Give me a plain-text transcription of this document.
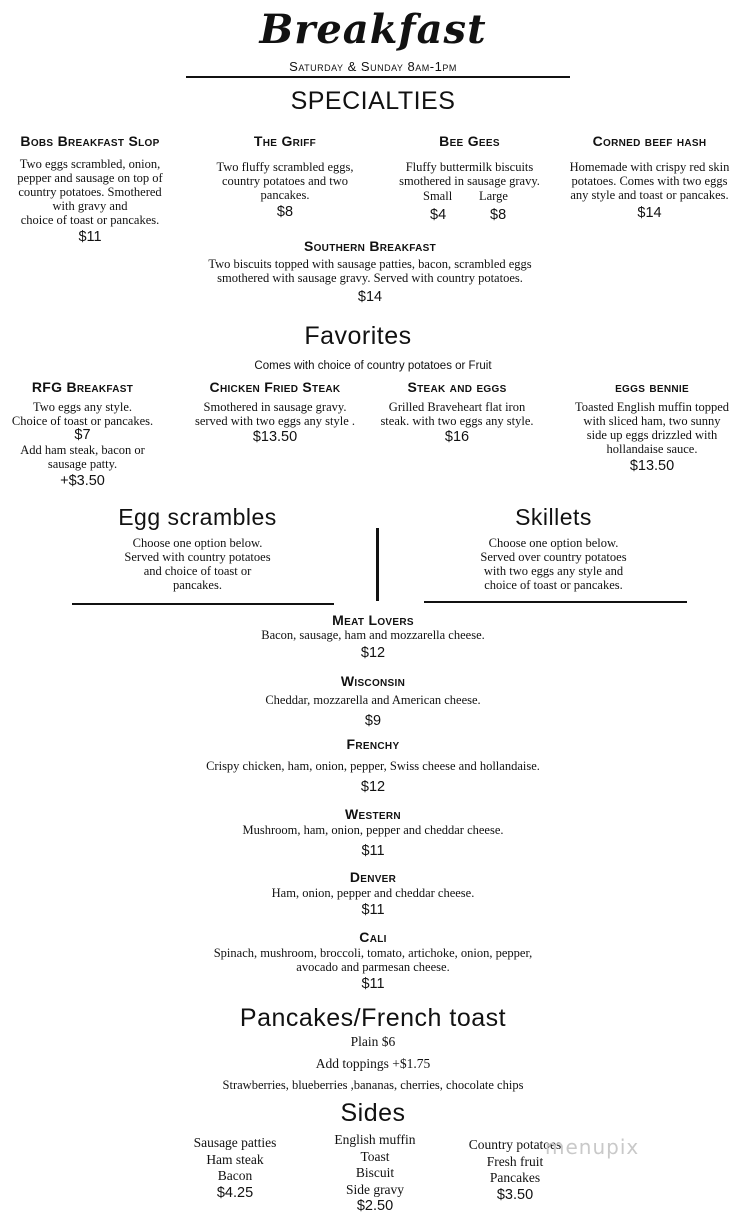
Breakfast
Saturday & Sunday 8am-1pm
SPECIALTIES
Bobs Breakfast Slop
Two eggs scrambled, onion,
pepper and sausage on top of
country potatoes. Smothered
with gravy and
choice of toast or pancakes.
$11
The Griff
Two fluffy scrambled eggs,
country potatoes and two
pancakes.
$8
Bee Gees
Fluffy buttermilk biscuits
smothered in sausage gravy.
Small Large
$4	$8
Corned beef hash
Homemade with crispy red skin
potatoes. Comes with two eggs
any style and toast or pancakes.
$14
Southern Breakfast
Two biscuits topped with sausage patties, bacon, scrambled eggs
smothered with sausage gravy. Served with country potatoes.
$14
Favorites
Comes with choice of country potatoes or Fruit
RFG Breakfast
Two eggs any style.
Choice of toast or pancakes.
$7
Add ham steak, bacon or
sausage patty.
+$3.50
Chicken Fried Steak
Smothered in sausage gravy.
served with two eggs any style .
$13.50
Steak and eggs
Grilled Braveheart flat iron
steak. with two eggs any style.
$16
eggs bennie
Toasted English muffin topped
with sliced ham, two sunny
side up eggs drizzled with
hollandaise sauce.
$13.50
Egg scrambles
Choose one option below.
Served with country potatoes
and choice of toast or
pancakes.
Skillets
Choose one option below.
Served over country potatoes
with two eggs any style and
choice of toast or pancakes.
Meat Lovers
Bacon, sausage, ham and mozzarella cheese.
$12
Wisconsin
Cheddar, mozzarella and American cheese.
$9
Frenchy
Crispy chicken, ham, onion, pepper, Swiss cheese and hollandaise.
$12
Western
Mushroom, ham, onion, pepper and cheddar cheese.
$11
Denver
Ham, onion, pepper and cheddar cheese.
$11
Cali
Spinach, mushroom, broccoli, tomato, artichoke, onion, pepper,
avocado and parmesan cheese.
$11
Pancakes/French toast
Plain $6
Add toppings +$1.75
Strawberries, blueberries ,bananas, cherries, chocolate chips
Sides
Sausage patties
Ham steak
Bacon
$4.25
English muffin
Toast
Biscuit
Side gravy
$2.50
Country potatoes
Fresh fruit
Pancakes
$3.50
menupix
